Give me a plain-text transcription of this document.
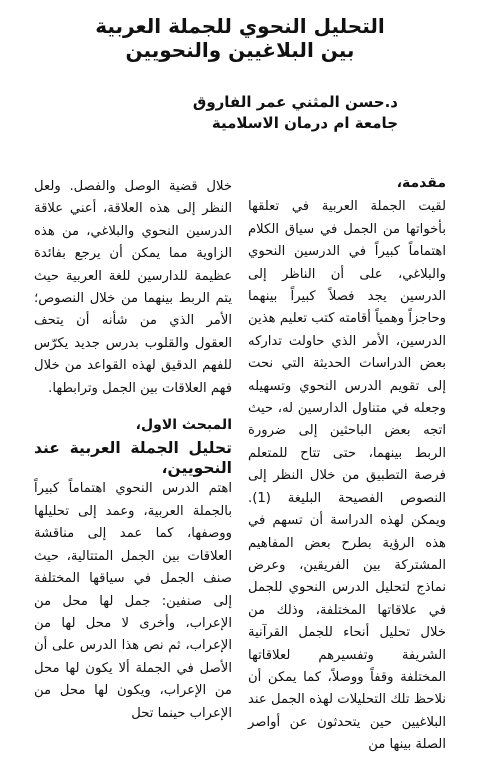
التحليل النحوي للجملة العربية
بين البلاغيين والنحويين
د.حسن المثني عمر الفاروق
جامعة ام درمان الاسلامية
مقدمة،

لقيت الجملة العربية في تعلقها بأخواتها من الجمل في سياق الكلام اهتماماً كبيراً في الدرسين النحوي والبلاغي، على أن الناظر إلى الدرسين يجد فصلاً كبيراً بينهما وحاجزاً وهمياً أقامته كتب تعليم هذين الدرسين، الأمر الذي حاولت تداركه بعض الدراسات الحديثة التي نحت إلى تقويم الدرس النحوي وتسهيله وجعله في متناول الدارسين له، حيث اتجه بعض الباحثين إلى ضرورة الربط بينهما، حتى تتاح للمتعلم فرصة التطبيق من خلال النظر إلى النصوص الفصيحة البليغة (1). ويمكن لهذه الدراسة أن تسهم في هذه الرؤية بطرح بعض المفاهيم المشتركة بين الفريقين، وعرض نماذج لتحليل الدرس النحوي للجمل في علاقاتها المختلفة، وذلك من خلال تحليل أنحاء للجمل القرآنية الشريفة وتفسيرهم لعلاقاتها المختلفة وقفاً ووصلاً، كما يمكن أن نلاحظ تلك التحليلات لهذه الجمل عند البلاغيين حين يتحدثون عن أواصر الصلة بينها من

خلال قضية الوصل والفصل. ولعل النظر إلى هذه العلاقة، أعني علاقة الدرسين النحوي والبلاغي، من هذه الزاوية مما يمكن أن يرجع بفائدة عظيمة للدارسين للغة العربية حيث يتم الربط بينهما من خلال النصوص؛ الأمر الذي من شأنه أن يتحف العقول والقلوب بدرس جديد يكرّس للفهم الدقيق لهذه القواعد من خلال فهم العلاقات بين الجمل وترابطها.

المبحث الاول،
تحليل الجملة العربية عند النحويين،

اهتم الدرس النحوي اهتماماً كبيراً بالجملة العربية، وعمد إلى تحليلها ووصفها، كما عمد إلى مناقشة العلاقات بين الجمل المتتالية، حيث صنف الجمل في سياقها المختلفة إلى صنفين: جمل لها محل من الإعراب، وأخرى لا محل لها من الإعراب، ثم نص هذا الدرس على أن الأصل في الجملة ألا يكون لها محل من الإعراب، ويكون لها محل من الإعراب حينما تحل
